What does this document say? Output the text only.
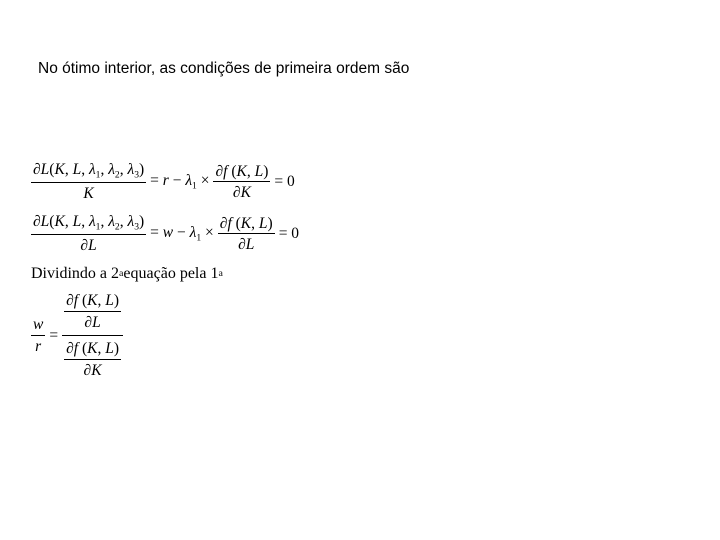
No ótimo interior, as condições de primeira ordem são
$\frac{\partial L(K, L, \lambda_1, \lambda_2, \lambda_3)}{K} = r - \lambda_1 \times \frac{\partial f (K, L)}{\partial K} = 0$
$\frac{\partial L(K, L, \lambda_1, \lambda_2, \lambda_3)}{\partial L} = w - \lambda_1 \times \frac{\partial f (K, L)}{\partial L} = 0$
Dividindo a 2 a equação pela 1 a
$\frac{w}{r} = \frac{\frac{\partial f (K, L)}{\partial L}}{\frac{\partial f (K, L)}{\partial K}}$
